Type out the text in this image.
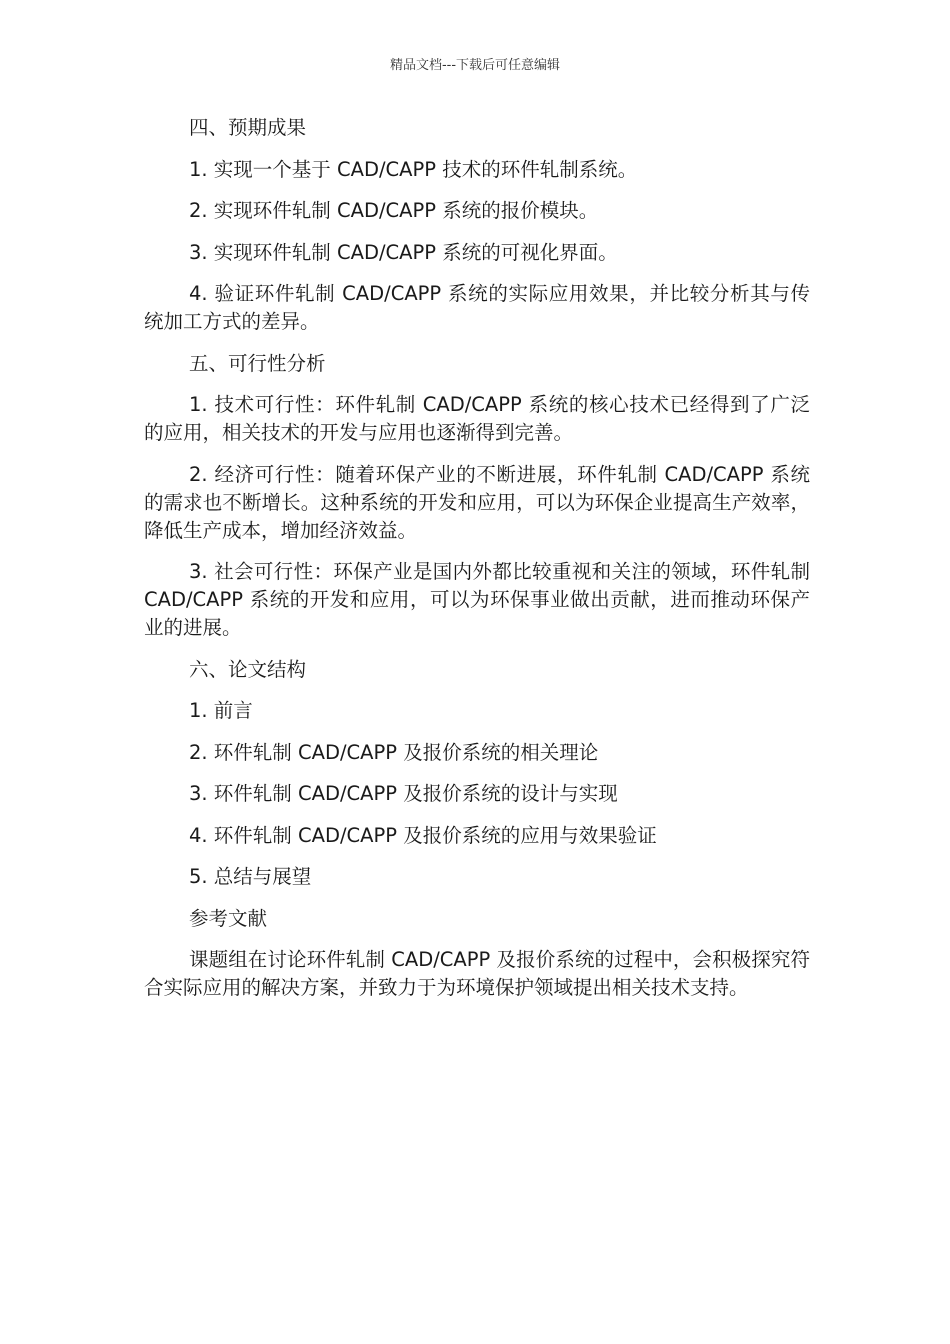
精品文档---下载后可任意编辑

四、预期成果

1. 实现一个基于 CAD/CAPP 技术的环件轧制系统。

2. 实现环件轧制 CAD/CAPP 系统的报价模块。

3. 实现环件轧制 CAD/CAPP 系统的可视化界面。

4. 验证环件轧制 CAD/CAPP 系统的实际应用效果，并比较分析其与传统加工方式的差异。

五、可行性分析

1. 技术可行性：环件轧制 CAD/CAPP 系统的核心技术已经得到了广泛的应用，相关技术的开发与应用也逐渐得到完善。

2. 经济可行性：随着环保产业的不断进展，环件轧制 CAD/CAPP 系统的需求也不断增长。这种系统的开发和应用，可以为环保企业提高生产效率，降低生产成本，增加经济效益。

3. 社会可行性：环保产业是国内外都比较重视和关注的领域，环件轧制 CAD/CAPP 系统的开发和应用，可以为环保事业做出贡献，进而推动环保产业的进展。

六、论文结构

1. 前言

2. 环件轧制 CAD/CAPP 及报价系统的相关理论

3. 环件轧制 CAD/CAPP 及报价系统的设计与实现

4. 环件轧制 CAD/CAPP 及报价系统的应用与效果验证

5. 总结与展望

参考文献

课题组在讨论环件轧制 CAD/CAPP 及报价系统的过程中，会积极探究符合实际应用的解决方案，并致力于为环境保护领域提出相关技术支持。
